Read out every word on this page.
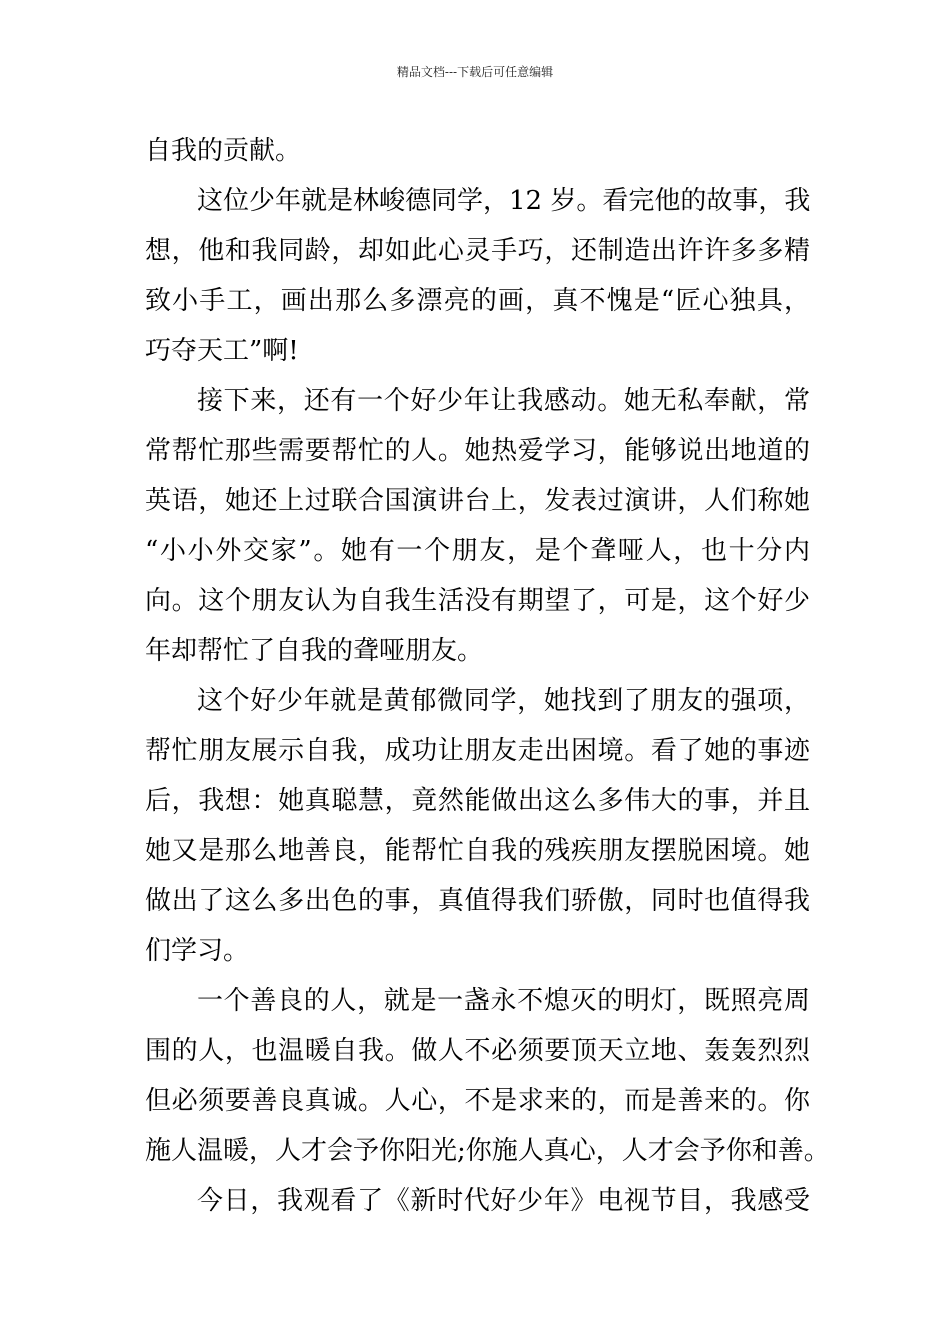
精品文档---下载后可任意编辑
自我的贡献。
这位少年就是林峻德同学，12 岁。看完他的故事，我
想，他和我同龄，却如此心灵手巧，还制造出许许多多精
致小手工，画出那么多漂亮的画，真不愧是“匠心独具，
巧夺天工”啊!
接下来，还有一个好少年让我感动。她无私奉献，常
常帮忙那些需要帮忙的人。她热爱学习，能够说出地道的
英语，她还上过联合国演讲台上，发表过演讲，人们称她
“小小外交家”。她有一个朋友，是个聋哑人，也十分内
向。这个朋友认为自我生活没有期望了，可是，这个好少
年却帮忙了自我的聋哑朋友。
这个好少年就是黄郁微同学，她找到了朋友的强项，
帮忙朋友展示自我，成功让朋友走出困境。看了她的事迹
后，我想：她真聪慧，竟然能做出这么多伟大的事，并且
她又是那么地善良，能帮忙自我的残疾朋友摆脱困境。她
做出了这么多出色的事，真值得我们骄傲，同时也值得我
们学习。
一个善良的人，就是一盏永不熄灭的明灯，既照亮周
围的人，也温暖自我。做人不必须要顶天立地、轰轰烈烈
但必须要善良真诚。人心，不是求来的，而是善来的。你
施人温暖，人才会予你阳光;你施人真心，人才会予你和善。
今日，我观看了《新时代好少年》电视节目，我感受
